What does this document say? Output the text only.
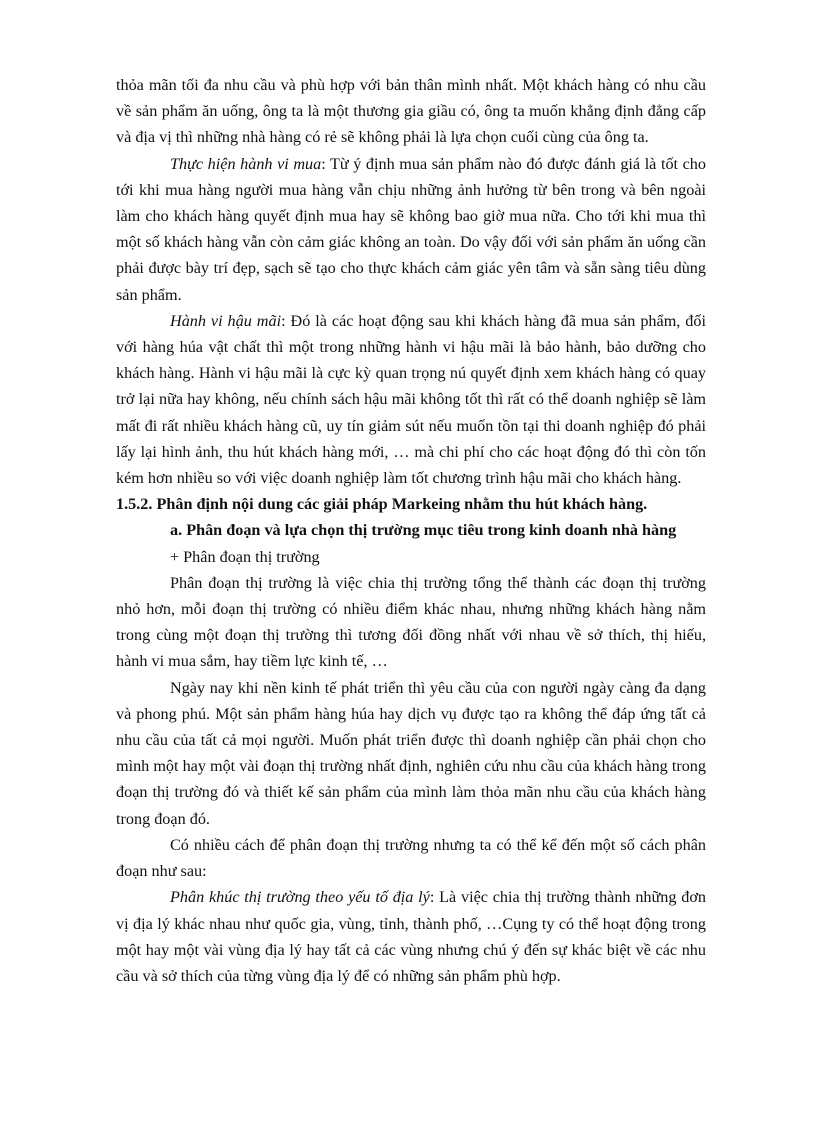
thỏa mãn tối đa nhu cầu và phù hợp với bản thân mình nhất. Một khách hàng có nhu cầu về sản phẩm ăn uống, ông ta là một thương gia giầu có, ông ta muốn khẳng định đẳng cấp và địa vị thì những nhà hàng có rẻ sẽ không phải là lựa chọn cuối cùng của ông ta.

Thực hiện hành vi mua: Từ ý định mua sản phẩm nào đó được đánh giá là tốt cho tới khi mua hàng người mua hàng vẫn chịu những ảnh hưởng từ bên trong và bên ngoài làm cho khách hàng quyết định mua hay sẽ không bao giờ mua nữa. Cho tới khi mua thì một số khách hàng vẫn còn cảm giác không an toàn. Do vậy đối với sản phẩm ăn uống cần phải được bày trí đẹp, sạch sẽ tạo cho thực khách cảm giác yên tâm và sẵn sàng tiêu dùng sản phẩm.

Hành vi hậu mãi: Đó là các hoạt động sau khi khách hàng đã mua sản phẩm, đối với hàng húa vật chất thì một trong những hành vi hậu mãi là bảo hành, bảo dưỡng cho khách hàng. Hành vi hậu mãi là cực kỳ quan trọng nú quyết định xem khách hàng có quay trở lại nữa hay không, nếu chính sách hậu mãi không tốt thì rất có thể doanh nghiệp sẽ làm mất đi rất nhiều khách hàng cũ, uy tín giảm sút nếu muốn tồn tại thi doanh nghiệp đó phải lấy lại hình ảnh, thu hút khách hàng mới, … mà chi phí cho các hoạt động đó thì còn tốn kém hơn nhiều so với việc doanh nghiệp làm tốt chương trình hậu mãi cho khách hàng.

1.5.2. Phân định nội dung các giải pháp Markeing nhằm thu hút khách hàng.

a. Phân đoạn và lựa chọn thị trường mục tiêu trong kinh doanh nhà hàng

+ Phân đoạn thị trường

Phân đoạn thị trường là việc chia thị trường tổng thể thành các đoạn thị trường nhỏ hơn, mỗi đoạn thị trường có nhiều điểm khác nhau, nhưng những khách hàng nằm trong cùng một đoạn thị trường thì tương đối đồng nhất với nhau về sở thích, thị hiếu, hành vi mua sắm, hay tiềm lực kinh tế, …

Ngày nay khi nền kinh tế phát triển thì yêu cầu của con người ngày càng đa dạng và phong phú. Một sản phẩm hàng húa hay dịch vụ được tạo ra không thể đáp ứng tất cả nhu cầu của tất cả mọi người. Muốn phát triển được thì doanh nghiệp cần phải chọn cho mình một hay một vài đoạn thị trường nhất định, nghiên cứu nhu cầu của khách hàng trong đoạn thị trường đó và thiết kế sản phẩm của mình làm thỏa mãn nhu cầu của khách hàng trong đoạn đó.

Có nhiều cách để phân đoạn thị trường nhưng ta có thể kể đến một số cách phân đoạn như sau:

Phân khúc thị trường theo yếu tố địa lý: Là việc chia thị trường thành những đơn vị địa lý khác nhau như quốc gia, vùng, tỉnh, thành phố, …Cụng ty có thể hoạt động trong một hay một vài vùng địa lý hay tất cả các vùng nhưng chú ý đến sự khác biệt về các nhu cầu và sở thích của từng vùng địa lý để có những sản phẩm phù hợp.
